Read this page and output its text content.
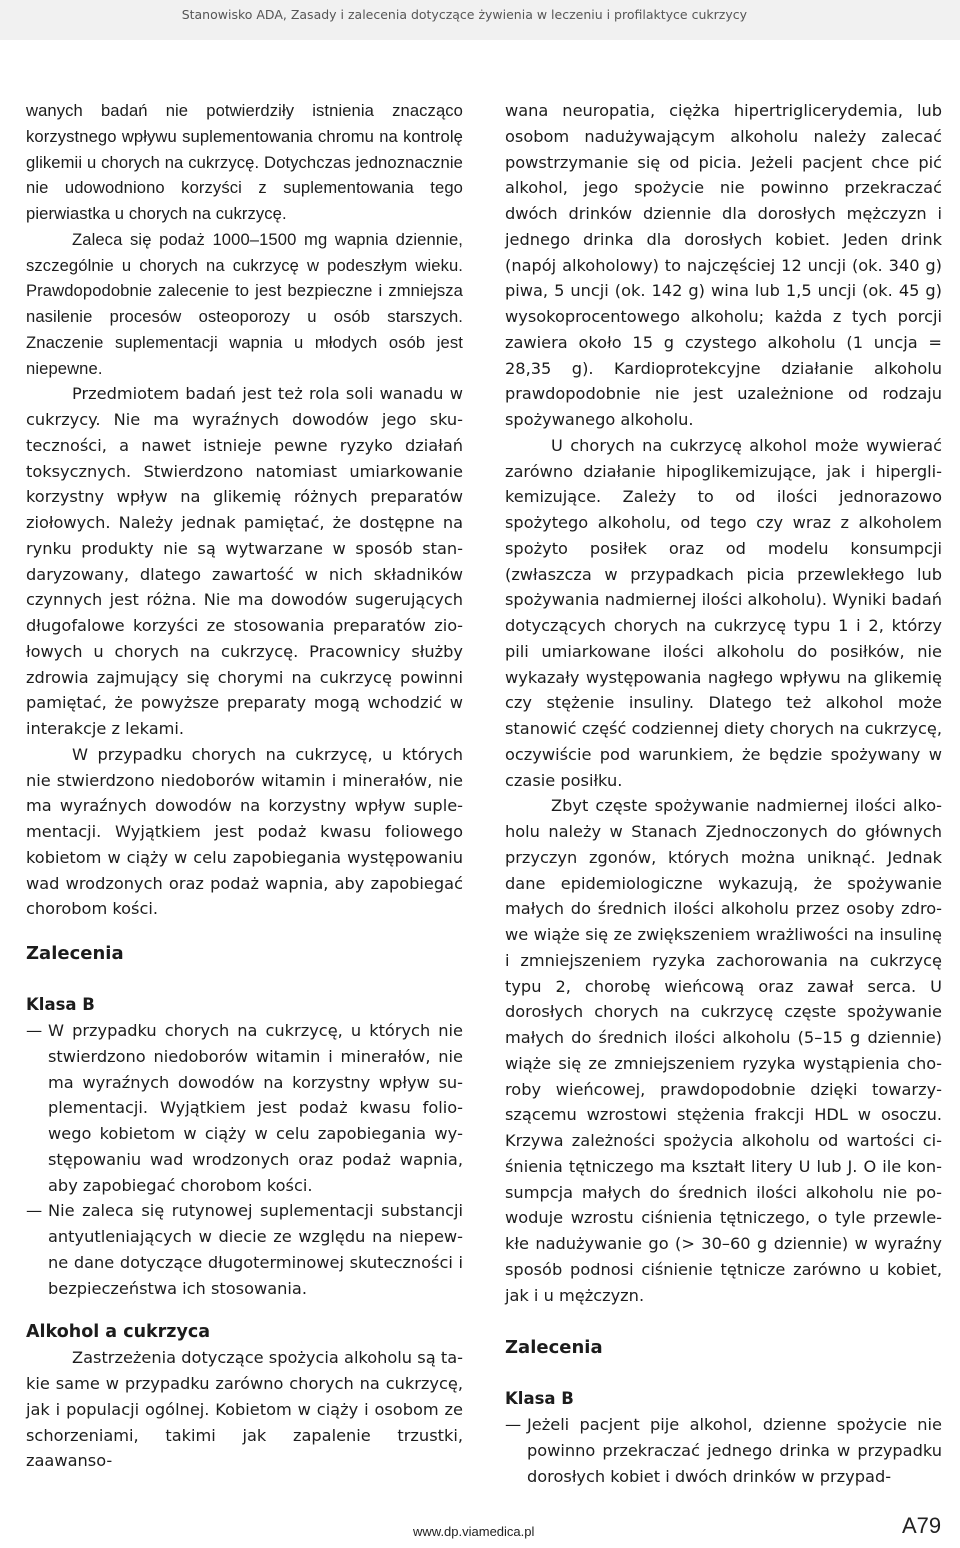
Stanowisko ADA, Zasady i zalecenia dotyczące żywienia w leczeniu i profilaktyce cukrzycy

wanych badań nie potwierdziły istnienia znacząco korzystnego wpływu suplementowania chromu na kontrolę glikemii u chorych na cukrzycę. Dotychczas jednoznacznie nie udowodniono korzyści z suplementowania tego pierwiastka u chorych na cukrzycę.

Zaleca się podaż 1000–1500 mg wapnia dziennie, szczególnie u chorych na cukrzycę w podeszłym wieku. Prawdopodobnie zalecenie to jest bezpieczne i zmniejsza nasilenie procesów osteoporozy u osób starszych. Znaczenie suplementacji wapnia u młodych osób jest niepewne.

Przedmiotem badań jest też rola soli wanadu w cukrzycy. Nie ma wyraźnych dowodów jego skuteczności, a nawet istnieje pewne ryzyko działań toksycznych. Stwierdzono natomiast umiarkowanie korzystny wpływ na glikemię różnych preparatów ziołowych. Należy jednak pamiętać, że dostępne na rynku produkty nie są wytwarzane w sposób standaryzowany, dlatego zawartość w nich składników czynnych jest różna. Nie ma dowodów sugerujących długofalowe korzyści ze stosowania preparatów ziołowych u chorych na cukrzycę. Pracownicy służby zdrowia zajmujący się chorymi na cukrzycę powinni pamiętać, że powyższe preparaty mogą wchodzić w interakcje z lekami.

W przypadku chorych na cukrzycę, u których nie stwierdzono niedoborów witamin i minerałów, nie ma wyraźnych dowodów na korzystny wpływ suplementacji. Wyjątkiem jest podaż kwasu foliowego kobietom w ciąży w celu zapobiegania występowaniu wad wrodzonych oraz podaż wapnia, aby zapobiegać chorobom kości.

Zalecenia
Klasa B
— W przypadku chorych na cukrzycę, u których nie stwierdzono niedoborów witamin i minerałów, nie ma wyraźnych dowodów na korzystny wpływ suplementacji. Wyjątkiem jest podaż kwasu foliowego kobietom w ciąży w celu zapobiegania występowaniu wad wrodzonych oraz podaż wapnia, aby zapobiegać chorobom kości.
— Nie zaleca się rutynowej suplementacji substancji antyutleniających w diecie ze względu na niepewne dane dotyczące długoterminowej skuteczności i bezpieczeństwa ich stosowania.
Alkohol a cukrzyca

Zastrzeżenia dotyczące spożycia alkoholu są takie same w przypadku zarówno chorych na cukrzycę, jak i populacji ogólnej. Kobietom w ciąży i osobom ze schorzeniami, takimi jak zapalenie trzustki, zaawanso-

wana neuropatia, ciężka hipertriglicerydemia, lub osobom nadużywającym alkoholu należy zalecać powstrzymanie się od picia. Jeżeli pacjent chce pić alkohol, jego spożycie nie powinno przekraczać dwóch drinków dziennie dla dorosłych mężczyzn i jednego drinka dla dorosłych kobiet. Jeden drink (napój alkoholowy) to najczęściej 12 uncji (ok. 340 g) piwa, 5 uncji (ok. 142 g) wina lub 1,5 uncji (ok. 45 g) wysokoprocentowego alkoholu; każda z tych porcji zawiera około 15 g czystego alkoholu (1 uncja = 28,35 g). Kardioprotekcyjne działanie alkoholu prawdopodobnie nie jest uzależnione od rodzaju spożywanego alkoholu.

U chorych na cukrzycę alkohol może wywierać zarówno działanie hipoglikemizujące, jak i hiperglikemizujące. Zależy to od ilości jednorazowo spożytego alkoholu, od tego czy wraz z alkoholem spożyto posiłek oraz od modelu konsumpcji (zwłaszcza w przypadkach picia przewlekłego lub spożywania nadmiernej ilości alkoholu). Wyniki badań dotyczących chorych na cukrzycę typu 1 i 2, którzy pili umiarkowane ilości alkoholu do posiłków, nie wykazały występowania nagłego wpływu na glikemię czy stężenie insuliny. Dlatego też alkohol może stanowić część codziennej diety chorych na cukrzycę, oczywiście pod warunkiem, że będzie spożywany w czasie posiłku.

Zbyt częste spożywanie nadmiernej ilości alkoholu należy w Stanach Zjednoczonych do głównych przyczyn zgonów, których można uniknąć. Jednak dane epidemiologiczne wykazują, że spożywanie małych do średnich ilości alkoholu przez osoby zdrowe wiąże się ze zwiększeniem wrażliwości na insulinę i zmniejszeniem ryzyka zachorowania na cukrzycę typu 2, chorobę wieńcową oraz zawał serca. U dorosłych chorych na cukrzycę częste spożywanie małych do średnich ilości alkoholu (5–15 g dziennie) wiąże się ze zmniejszeniem ryzyka wystąpienia choroby wieńcowej, prawdopodobnie dzięki towarzyszącemu wzrostowi stężenia frakcji HDL w osoczu. Krzywa zależności spożycia alkoholu od wartości ciśnienia tętniczego ma kształt litery U lub J. O ile konsumpcja małych do średnich ilości alkoholu nie powoduje wzrostu ciśnienia tętniczego, o tyle przewlekłe nadużywanie go (> 30–60 g dziennie) w wyraźny sposób podnosi ciśnienie tętnicze zarówno u kobiet, jak i u mężczyzn.

Zalecenia
Klasa B
— Jeżeli pacjent pije alkohol, dzienne spożycie nie powinno przekraczać jednego drinka w przypadku dorosłych kobiet i dwóch drinków w przypad-
www.dp.viamedica.pl	A79
